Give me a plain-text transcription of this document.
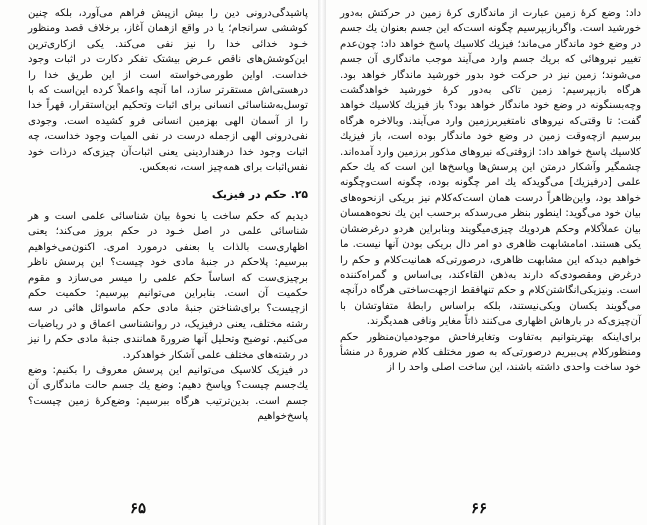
پاشیدگی‌درونی دین را بیش ازپیش فراهم می‌آورد، بلکه چنین کوششی سرانجام؛ یا در واقع ازهمان آغاز، برخلاف قصد ومنظور خـود خدائی خدا را نیز نفی می‌کند. یکی ازکاری‌ترین این‌کوشش‌های ناقص عـرض بیشتک تفکر دکارت در اثبات وجود خداست. اواین‌ طورمی‌خواسته است از این طریق خدا را درهستی‌اش مستقرتر سازد، اما آنچه واعملاً کرده این‌است که با توسل‌به‌شناسائی انسانی برای اثبات وتحکیم این‌استقرار، قهراً خدا را از آسمان الهی بهزمین انسانی فرو کشیده است. وجودی نفی‌درونی الهی ازجمله درست در نفی المیات وجود خداست، چه اثبات وجود خدا درهنداردینی یعنی اثبات‌آن چیزی‌که درذات خود نفس‌اثبات برای همه‌چیز است، نه‌بعکس.

۲۵. حکم در فیزیک

دیدیم که حکم ساخت یا نحوهٔ بیان شناسائی علمی است و هر شناسائی علمی در اصل خـود در حکم بروز می‌کند؛ یعنی اظهاری‌ست بالذات یا بعنفی درمورد امری. اکنون‌می‌خواهیم ببرسیم: پلاحکم در جنبهٔ مادی خود چیست؟ این پرسش ناظر برچیزی‌ست که اساساً حکم علمی را میسر می‌سازد و مقوم حکمیت آن است. بنابراین می‌توانیم بپرسیم: حکمیت حکم ازچیست؟ برای‌شناختن جنبهٔ مادی حکم ماسوائل هائی در سه رشته مختلف، یعنی درفیزیک، در روانشناسی اعماق و در ریاضیات می‌کنیم. توضیح وتحلیل آنها ضرورهً همانندی جنبهٔ مادی حکم را نیز در رشته‌های مختلف علمی آشکار خواهدکرد.

در فیزیک کلاسیک می‌توانیم این پرسش معروف را بکنیم: وضع یك‌جسم چیست؟ وپاسخ دهیم: وضع یك جسم حالت ماندگاری آن جسم است. بدین‌ترتیب هرگاه ببرسیم: وضع‌کرهٔ زمین چیست؟ پاسخ‌خواهیم

۶۵

داد: وضع کرهٔ زمین عبارت از ماندگاری کرهٔ زمین در حرکتش به‌دور خورشید است. واگرباز‌بپرسیم چگونه است‌که این جسم بعنوان یك جسم در وضع خود ماندگار می‌ماند؛ فیزیك کلاسیك پاسخ خواهد داد: چون‌عدم تغییر نیروهائی که بریك جسم وارد می‌آیند موجب ماندگاری آن جسم می‌شوند؛ زمین نیز در حرکت خود بدور خورشید ماندگار خواهد بود. هرگاه بازبپرسیم: زمین تاکی به‌دور کرهٔ خورشید خواهدگشت وچه‌بسنگونه در وضع خود ماندگار خواهد بود؟ باز فیزیك کلاسیك خواهد گفت: تا وقتی‌که نیروهای نامتغیربرزمین وارد می‌آیند. وبالاخره هرگاه ببرسیم ازچه‌وقت زمین در وضع خود ماندگار بوده است، باز فیزیك کلاسیك پاسخ خواهد داد: ازوقتی‌که نیروهای مذکور برزمین وارد آمده‌اند. چشمگیر وآشکار درمتن این پرسش‌ها وپاسخ‌ها این است که یك حکم علمی [درفیزیك] می‌گوید‌که یك امر چگونه بوده، چگونه است‌وچگونه خواهد بود، واین‌ظاهراً درست همان است‌که‌کلام نیز بریکی ازنحوه‌های بیان خود می‌گوید: اینطور بنظر می‌رسد‌که برحسب این یك نحوه‌همسان بیان عملاً‌کلام وحکم هردویك چیزی‌میگویند وبنابراین هردو درغرضشان یکی هستند. امامشابهت ظاهری دو امر دال بریکی بودن آنها نیست. ما خواهیم دید‌که این مشابهت ظاهری، درصورتی‌که همانیت‌کلام و حکم را درغرض ومقصودی‌که دارند به‌ذهن القاءکند، بی‌اساس و گمراه‌کننده است. ونیزیکی‌انگاشتن‌کلام و حکم تنهافقط ازجهت‌ساختی هرگاه درآنچه می‌گویند یکسان ویکی‌نیستند، بلکه براساس رابطهٔ متفاوتشان با آن‌چیزی‌که در بارهاش اظهاری می‌کنند ذاتاً مغایر ونافی همدیگرند.

برای‌اینکه بهتربتوانیم به‌تفاوت وتغایرفاحش موجودمیان‌منظور حکم ومنظورکلام پی‌ببریم درصورتی‌که به صور مختلف کلام ضرورهً در منشأ خود ساخت واحدی داشته باشند، این ساخت اصلی واحد را از

۶۶
